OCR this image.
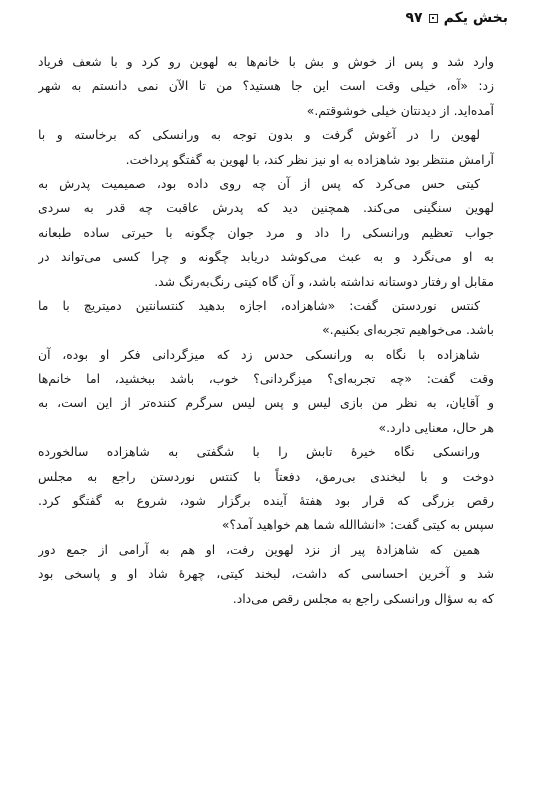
بخش یکم
۹۷
وارد شد و پس از خوش و بش با خانم‌ها به لهوین رو کرد و با شعف فریاد
زد: «آه، خیلی وقت است این جا هستید؟ من تا الآن نمی دانستم به شهر
آمده‌اید. از دیدنتان خیلی خوشوقتم.»
لهوین را در آغوش گرفت و بدون توجه به ورانسکی که برخاسته و با
آرامش منتظر بود شاهزاده به او نیز نظر کند، با لهوین به گفتگو پرداخت.
کیتی حس می‌کرد که پس از آن چه روی داده بود، صمیمیت پدرش به
لهوین سنگینی می‌کند. همچنین دید که پدرش عاقبت چه قدر به سردی
جواب تعظیم ورانسکی را داد و مرد جوان چگونه با حیرتی ساده طبعانه
به او می‌نگرد و به عبث می‌کوشد دریابد چگونه و چرا کسی می‌تواند در
مقابل او رفتار دوستانه نداشته باشد، و آن گاه کیتی رنگ‌به‌رنگ شد.
کنتس نوردستن گفت: «شاهزاده، اجازه بدهید کنتسانتین دمیتریچ با ما
باشد. می‌خواهیم تجربه‌ای بکنیم.»
شاهزاده با نگاه به ورانسکی حدس زد که میزگردانی فکر او بوده، آن
وقت گفت: «چه تجربه‌ای؟ میزگردانی؟ خوب، باشد ببخشید، اما خانم‌ها
و آقایان، به نظر من بازی لیس و پس لیس سرگرم کننده‌تر از این است، به
هر حال، معنایی دارد.»
ورانسکی نگاه خیرهٔ تابش را با شگفتی به شاهزاده سالخورده
دوخت و با لبخندی بی‌رمق، دفعتاً با کنتس نوردستن راجع به مجلس
رقص بزرگی که قرار بود هفتهٔ آینده برگزار شود، شروع به گفتگو کرد.
سپس به کیتی گفت: «انشاالله شما هم خواهید آمد؟»
همین که شاهزادهٔ پیر از نزد لهوین رفت، او هم به آرامی از جمع دور
شد و آخرین احساسی که داشت، لبخند کیتی، چهرهٔ شاد او و پاسخی بود
که به سؤال ورانسکی راجع به مجلس رقص می‌داد.
